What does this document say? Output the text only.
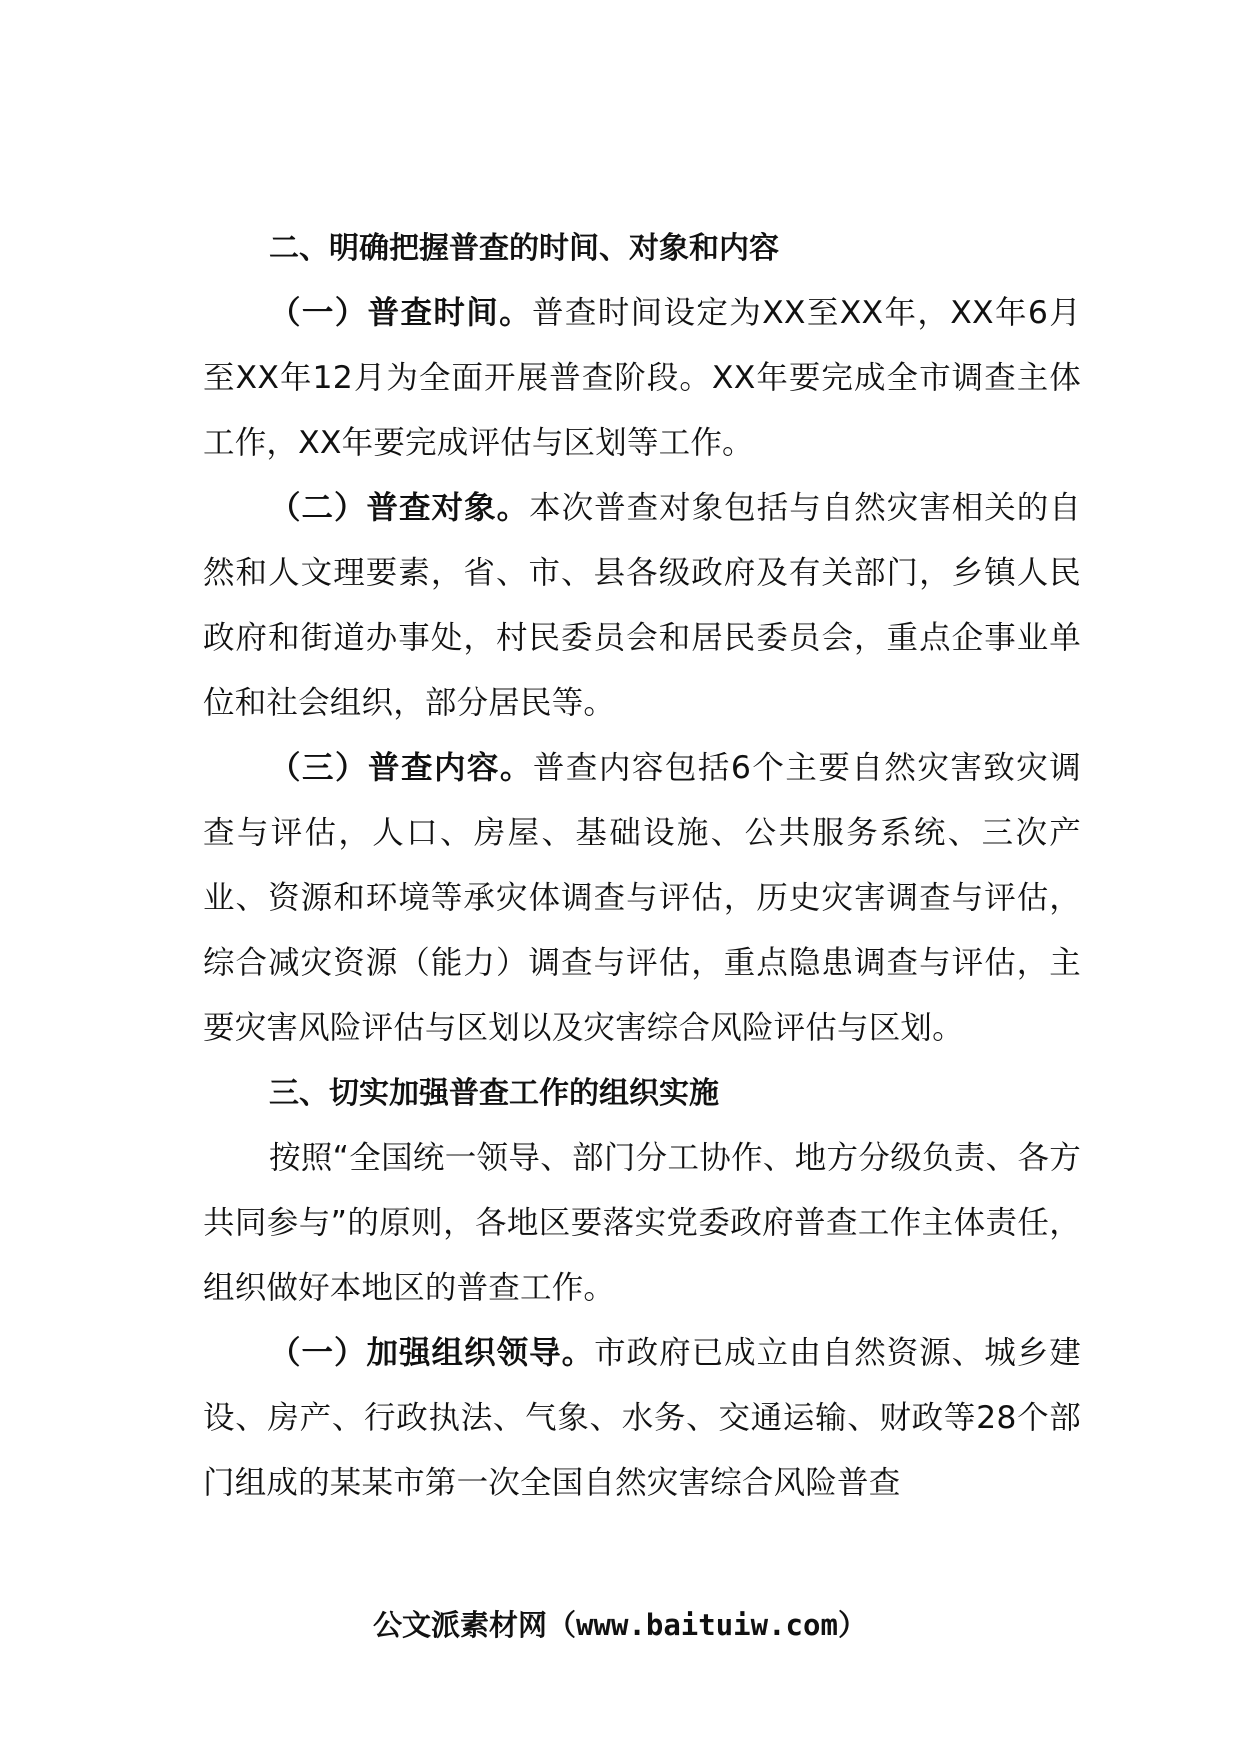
二、明确把握普查的时间、对象和内容

（一）普查时间。普查时间设定为XX至XX年，XX年6月至XX年12月为全面开展普查阶段。XX年要完成全市调查主体工作，XX年要完成评估与区划等工作。

（二）普查对象。本次普查对象包括与自然灾害相关的自然和人文理要素，省、市、县各级政府及有关部门，乡镇人民政府和街道办事处，村民委员会和居民委员会，重点企事业单位和社会组织，部分居民等。

（三）普查内容。普查内容包括6个主要自然灾害致灾调查与评估，人口、房屋、基础设施、公共服务系统、三次产业、资源和环境等承灾体调查与评估，历史灾害调查与评估，综合减灾资源（能力）调查与评估，重点隐患调查与评估，主要灾害风险评估与区划以及灾害综合风险评估与区划。

三、切实加强普查工作的组织实施

按照“全国统一领导、部门分工协作、地方分级负责、各方共同参与”的原则，各地区要落实党委政府普查工作主体责任，组织做好本地区的普查工作。

（一）加强组织领导。市政府已成立由自然资源、城乡建设、房产、行政执法、气象、水务、交通运输、财政等28个部门组成的某某市第一次全国自然灾害综合风险普查

公文派素材网（www.baituiw.com）
